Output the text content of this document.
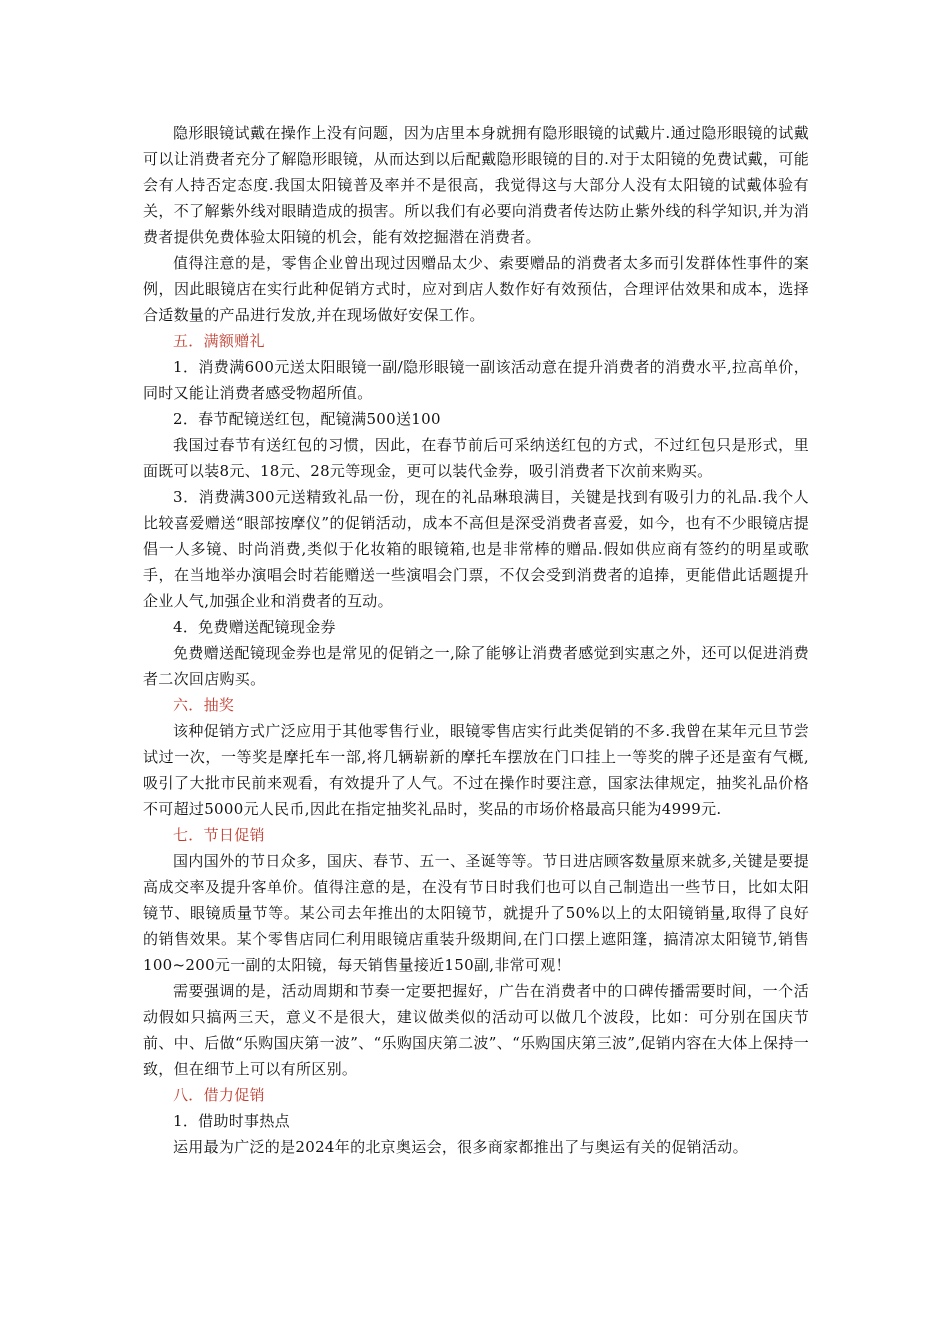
隐形眼镜试戴在操作上没有问题，因为店里本身就拥有隐形眼镜的试戴片.通过隐形眼镜的试戴可以让消费者充分了解隐形眼镜，从而达到以后配戴隐形眼镜的目的.对于太阳镜的免费试戴，可能会有人持否定态度.我国太阳镜普及率并不是很高，我觉得这与大部分人没有太阳镜的试戴体验有关，不了解紫外线对眼睛造成的损害。所以我们有必要向消费者传达防止紫外线的科学知识,并为消费者提供免费体验太阳镜的机会，能有效挖掘潜在消费者。

值得注意的是，零售企业曾出现过因赠品太少、索要赠品的消费者太多而引发群体性事件的案例，因此眼镜店在实行此种促销方式时，应对到店人数作好有效预估，合理评估效果和成本，选择合适数量的产品进行发放,并在现场做好安保工作。

五．满额赠礼

1．消费满600元送太阳眼镜一副/隐形眼镜一副该活动意在提升消费者的消费水平,拉高单价，同时又能让消费者感受物超所值。

2．春节配镜送红包，配镜满500送100

我国过春节有送红包的习惯，因此，在春节前后可采纳送红包的方式，不过红包只是形式，里面既可以装8元、18元、28元等现金，更可以装代金券，吸引消费者下次前来购买。

3．消费满300元送精致礼品一份，现在的礼品琳琅满目，关键是找到有吸引力的礼品.我个人比较喜爱赠送“眼部按摩仪”的促销活动，成本不高但是深受消费者喜爱，如今，也有不少眼镜店提倡一人多镜、时尚消费,类似于化妆箱的眼镜箱,也是非常棒的赠品.假如供应商有签约的明星或歌手，在当地举办演唱会时若能赠送一些演唱会门票，不仅会受到消费者的追捧，更能借此话题提升企业人气,加强企业和消费者的互动。

4．免费赠送配镜现金券

免费赠送配镜现金券也是常见的促销之一,除了能够让消费者感觉到实惠之外，还可以促进消费者二次回店购买。

六．抽奖

该种促销方式广泛应用于其他零售行业，眼镜零售店实行此类促销的不多.我曾在某年元旦节尝试过一次，一等奖是摩托车一部,将几辆崭新的摩托车摆放在门口挂上一等奖的牌子还是蛮有气概,吸引了大批市民前来观看，有效提升了人气。不过在操作时要注意，国家法律规定，抽奖礼品价格不可超过5000元人民币,因此在指定抽奖礼品时，奖品的市场价格最高只能为4999元.

七．节日促销

国内国外的节日众多，国庆、春节、五一、圣诞等等。节日进店顾客数量原来就多,关键是要提高成交率及提升客单价。值得注意的是，在没有节日时我们也可以自己制造出一些节日，比如太阳镜节、眼镜质量节等。某公司去年推出的太阳镜节，就提升了50%以上的太阳镜销量,取得了良好的销售效果。某个零售店同仁利用眼镜店重装升级期间,在门口摆上遮阳篷，搞清凉太阳镜节,销售100~200元一副的太阳镜，每天销售量接近150副,非常可观！

需要强调的是，活动周期和节奏一定要把握好，广告在消费者中的口碑传播需要时间，一个活动假如只搞两三天，意义不是很大，建议做类似的活动可以做几个波段，比如：可分别在国庆节前、中、后做“乐购国庆第一波”、“乐购国庆第二波”、“乐购国庆第三波”,促销内容在大体上保持一致，但在细节上可以有所区别。

八．借力促销

1．借助时事热点

运用最为广泛的是2024年的北京奥运会，很多商家都推出了与奥运有关的促销活动。
